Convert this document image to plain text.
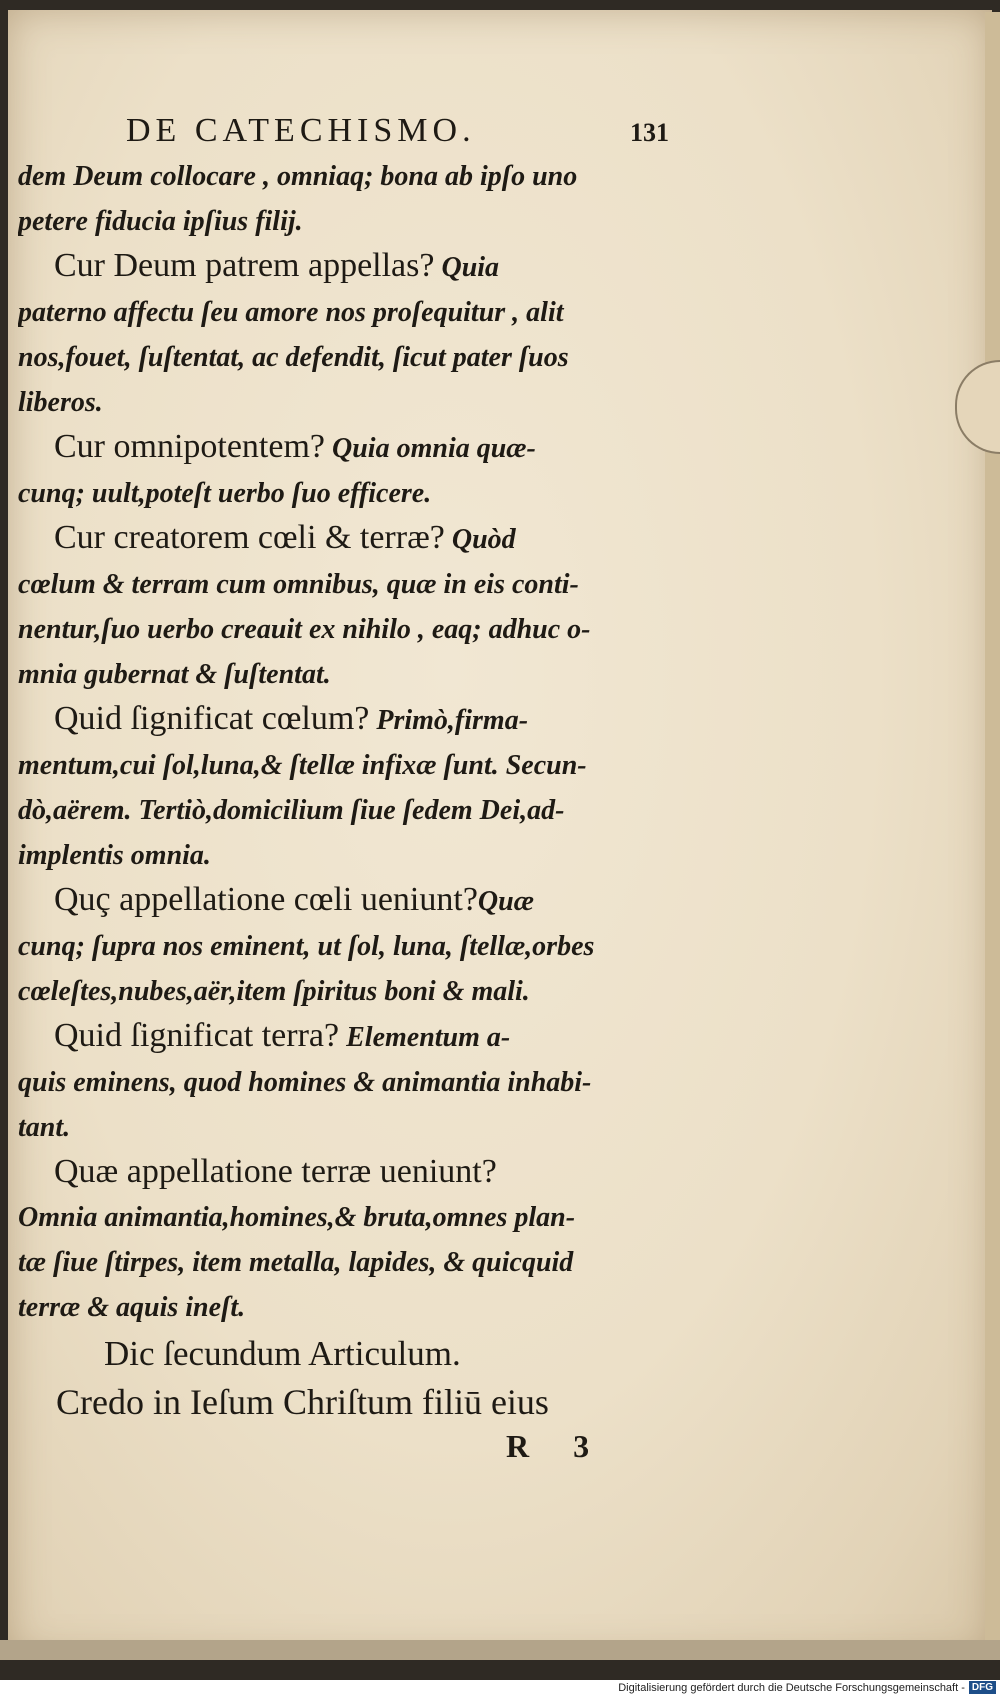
DE CATECHISMO.	131
dem Deum collocare , omniaq; bona ab ipſo uno
petere fiducia ipſius filij.
Cur Deum patrem appellas? Quia
paterno affectu ſeu amore nos proſequitur , alit
nos,fouet, ſuſtentat, ac defendit, ſicut pater ſuos
liberos.
Cur omnipotentem? Quia omnia quæ-
cunq; uult,poteſt uerbo ſuo efficere.
Cur creatorem cœli & terræ? Quòd
cœlum & terram cum omnibus, quæ in eis conti-
nentur,ſuo uerbo creauit ex nihilo , eaq; adhuc o-
mnia gubernat & ſuſtentat.
Quid ſignificat cœlum? Primò,firma-
mentum,cui ſol,luna,& ſtellæ infixæ ſunt. Secun-
dò,aërem. Tertiò,domicilium ſiue ſedem Dei,ad-
implentis omnia.
Quç appellatione cœli ueniunt?Quæ
cunq; ſupra nos eminent, ut ſol, luna, ſtellæ,orbes
cœleſtes,nubes,aër,item ſpiritus boni & mali.
Quid ſignificat terra? Elementum a-
quis eminens, quod homines & animantia inhabi-
tant.
Quæ appellatione terræ ueniunt?
Omnia animantia,homines,& bruta,omnes plan-
tæ ſiue ſtirpes, item metalla, lapides, & quicquid
terræ & aquis ineſt.
Dic ſecundum Articulum.
Credo in Ieſum Chriſtum filiū eius
R 3
Digitalisierung gefördert durch die Deutsche Forschungsgemeinschaft - DFG
